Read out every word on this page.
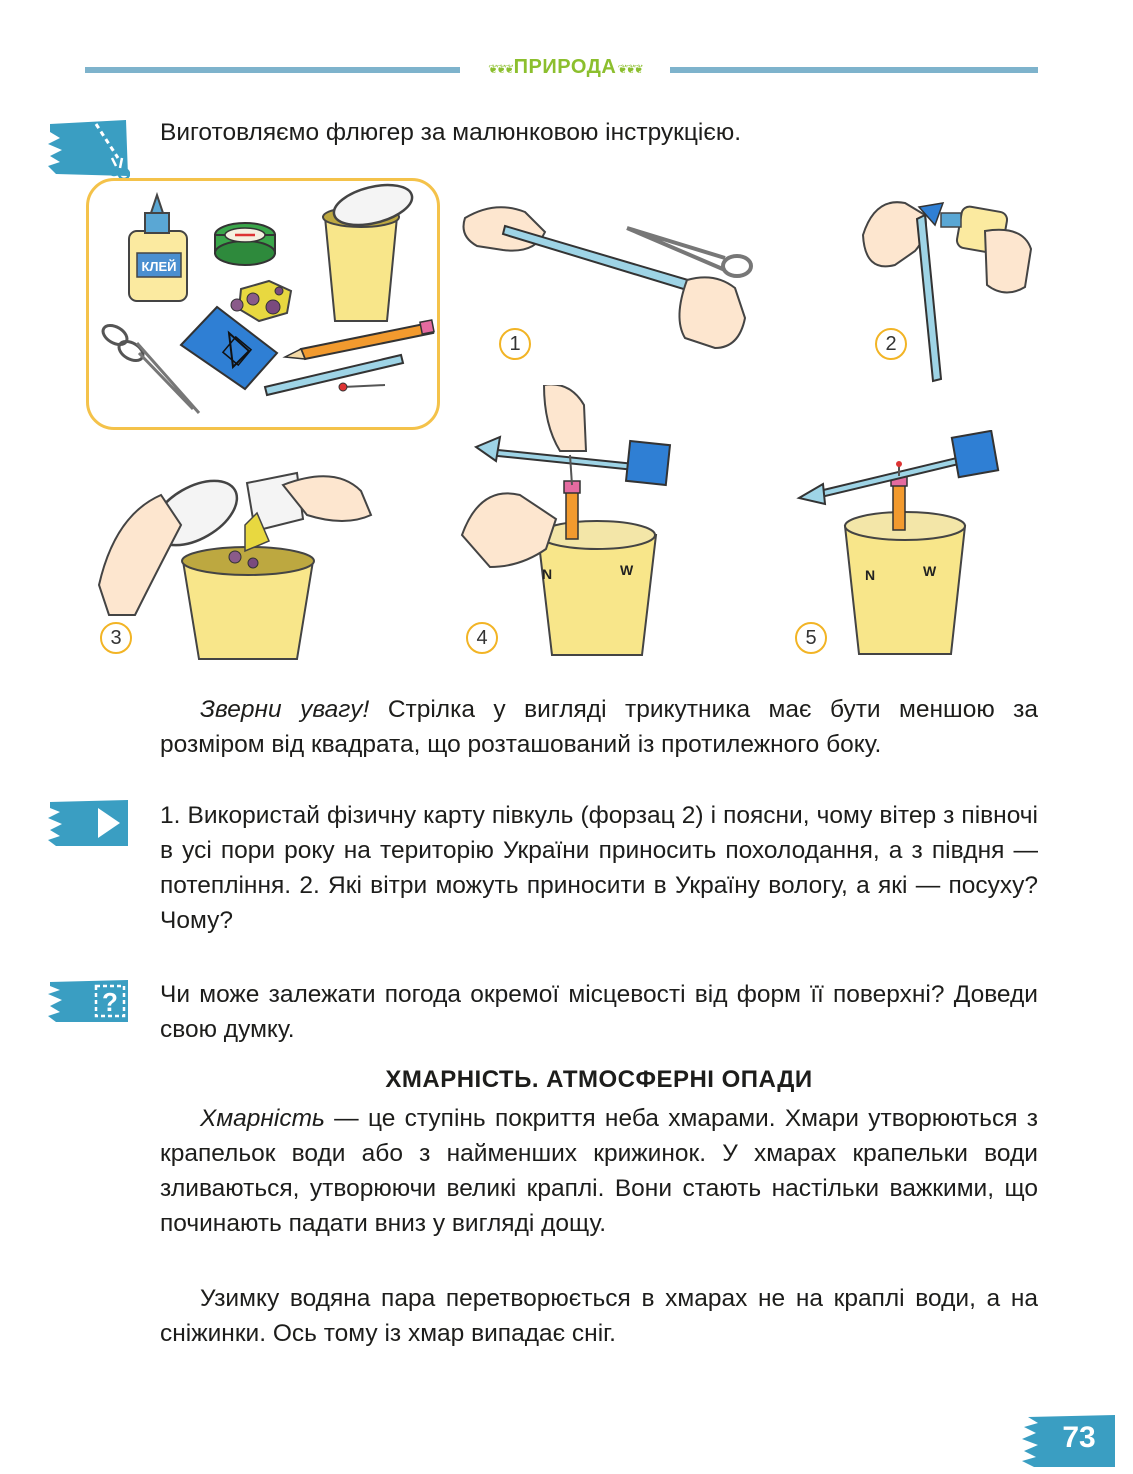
❦❦❦ ПРИРОДА ❦❦❦
Виготовляємо флюгер за малюнковою інструкцією.
КЛЕЙ
1	2
3
N	W
4
N	W
5
Зверни увагу! Стрілка у вигляді трикутника має бути меншою за розміром від квадрата, що розташований із протилежного боку.
1. Використай фізичну карту півкуль (форзац 2) і поясни, чому вітер з півночі в усі пори року на територію України приносить похолодання, а з півдня — потепління. 2. Які вітри можуть приносити в Україну вологу, а які — посуху? Чому?
? Чи може залежати погода окремої місцевості від форм її поверхні? Доведи свою думку.
ХМАРНІСТЬ. АТМОСФЕРНІ ОПАДИ
Хмарність — це ступінь покриття неба хмарами. Хмари утворюються з крапельок води або з найменших крижинок. У хмарах крапельки води зливаються, утворюючи великі краплі. Вони стають настільки важкими, що починають падати вниз у вигляді дощу.
Узимку водяна пара перетворюється в хмарах не на краплі води, а на сніжинки. Ось тому із хмар випадає сніг.
73
